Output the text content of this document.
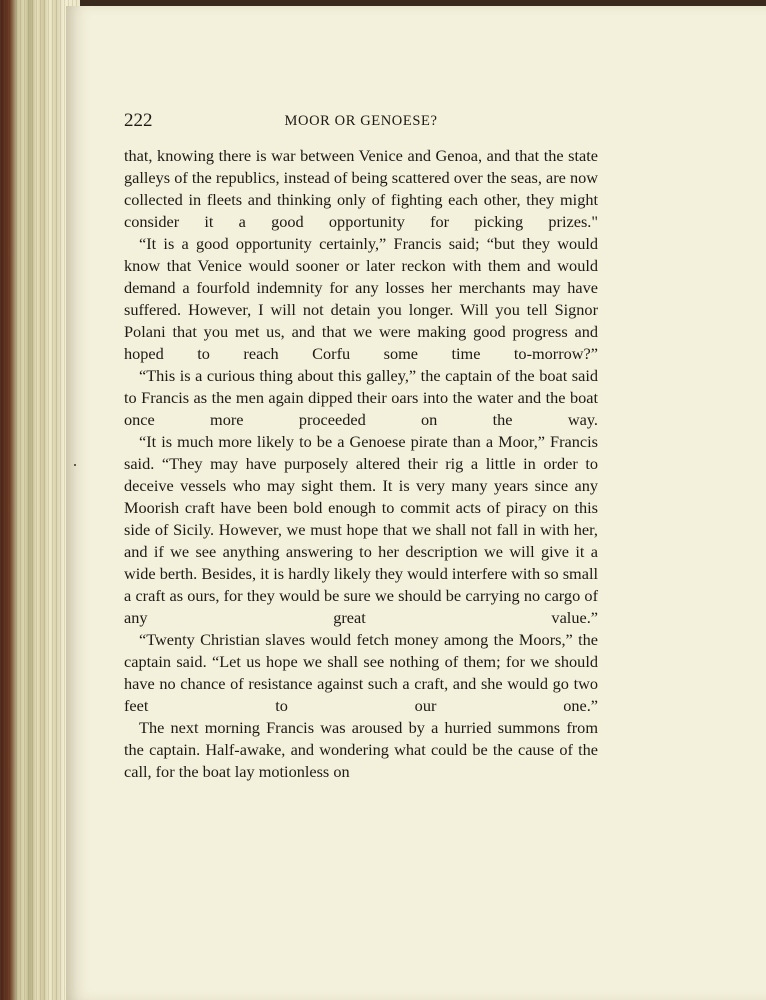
222	MOOR OR GENOESE?

that, knowing there is war between Venice and Genoa, and that the state galleys of the republics, instead of being scattered over the seas, are now collected in fleets and thinking only of fighting each other, they might consider it a good opportunity for picking prizes."

“It is a good opportunity certainly,” Francis said; “but they would know that Venice would sooner or later reckon with them and would demand a fourfold indemnity for any losses her merchants may have suffered. However, I will not detain you longer. Will you tell Signor Polani that you met us, and that we were making good progress and hoped to reach Corfu some time to-morrow?”

“This is a curious thing about this galley,” the captain of the boat said to Francis as the men again dipped their oars into the water and the boat once more proceeded on the way.

“It is much more likely to be a Genoese pirate than a Moor,” Francis said. “They may have purposely altered their rig a little in order to deceive vessels who may sight them. It is very many years since any Moorish craft have been bold enough to commit acts of piracy on this side of Sicily. However, we must hope that we shall not fall in with her, and if we see anything answering to her description we will give it a wide berth. Besides, it is hardly likely they would interfere with so small a craft as ours, for they would be sure we should be carrying no cargo of any great value.”

“Twenty Christian slaves would fetch money among the Moors,” the captain said. “Let us hope we shall see nothing of them; for we should have no chance of resistance against such a craft, and she would go two feet to our one.”

The next morning Francis was aroused by a hurried summons from the captain. Half-awake, and wondering what could be the cause of the call, for the boat lay motionless on
